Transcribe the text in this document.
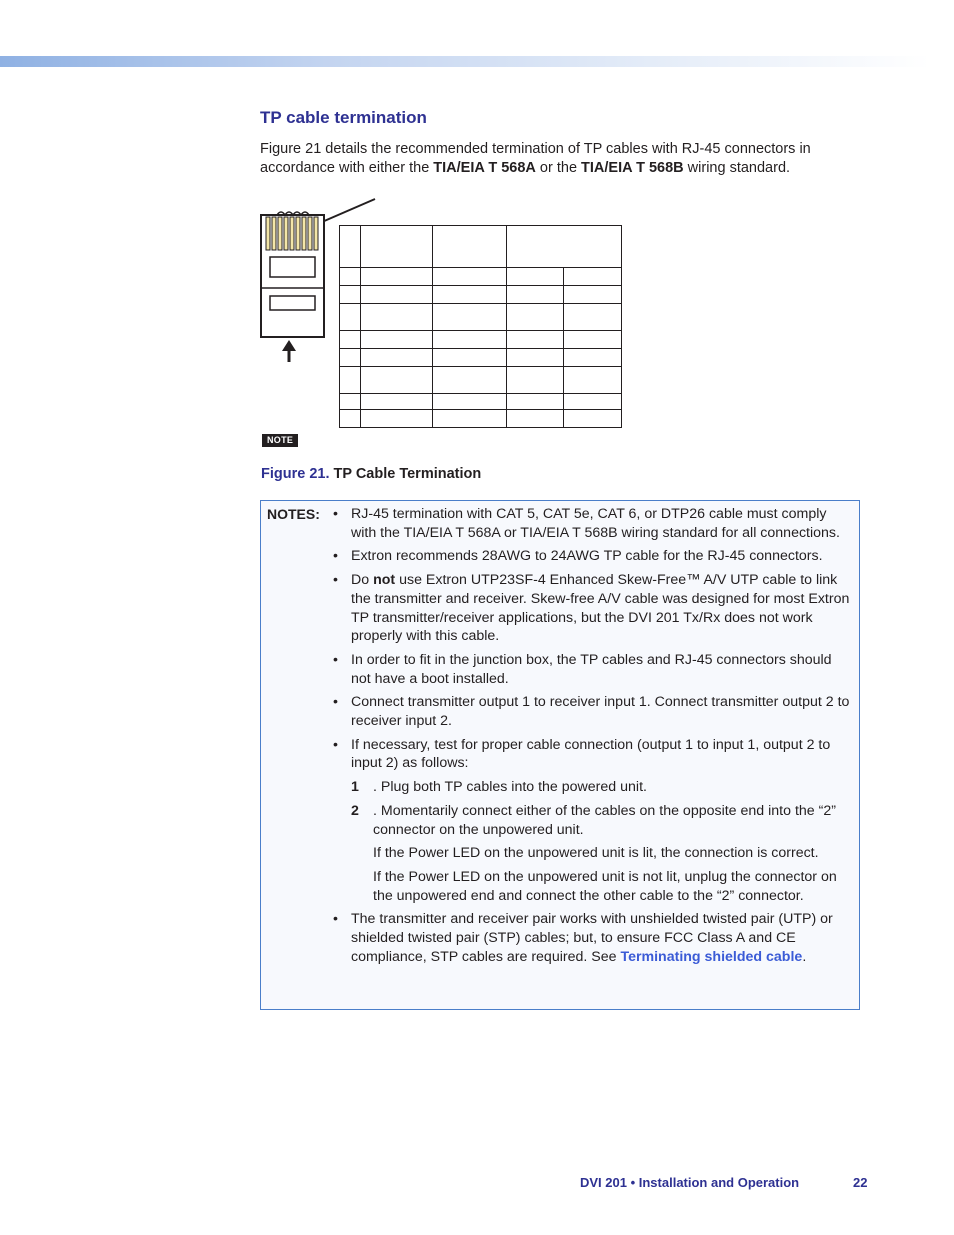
TP cable termination

Figure 21 details the recommended termination of TP cables with RJ-45 connectors in accordance with either the TIA/EIA T 568A or the TIA/EIA T 568B wiring standard.

NOTE

Figure 21. TP Cable Termination

NOTES:
•	RJ-45 termination with CAT 5, CAT 5e, CAT 6, or DTP26 cable must comply with the TIA/EIA T 568A or TIA/EIA T 568B wiring standard for all connections.
• Extron recommends 28AWG to 24AWG TP cable for the RJ-45 connectors.
• Do not use Extron UTP23SF-4 Enhanced Skew-Free™ A/V UTP cable to link the transmitter and receiver. Skew-free A/V cable was designed for most Extron TP transmitter/receiver applications, but the DVI 201 Tx/Rx does not work properly with this cable.
• In order to fit in the junction box, the TP cables and RJ-45 connectors should not have a boot installed.
• Connect transmitter output 1 to receiver input 1. Connect transmitter output 2 to receiver input 2.
• If necessary, test for proper cable connection (output 1 to input 1, output 2 to input 2) as follows:
1 . Plug both TP cables into the powered unit.
2 . Momentarily connect either of the cables on the opposite end into the “2” connector on the unpowered unit.

If the Power LED on the unpowered unit is lit, the connection is correct.

If the Power LED on the unpowered unit is not lit, unplug the connector on the unpowered end and connect the other cable to the “2” connector.

• The transmitter and receiver pair works with unshielded twisted pair (UTP) or shielded twisted pair (STP) cables; but, to ensure FCC Class A and CE compliance, STP cables are required. See Terminating shielded cable.
DVI 201 • Installation and Operation	22
